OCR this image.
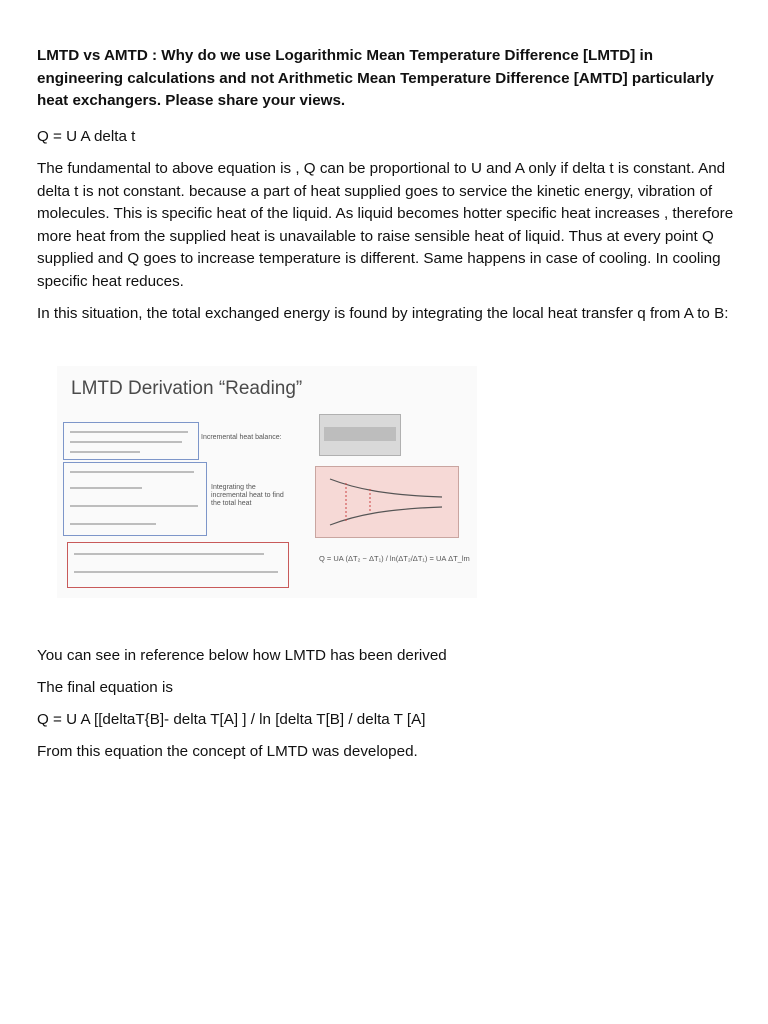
LMTD vs AMTD : Why do we use Logarithmic Mean Temperature Difference [LMTD] in engineering calculations and not Arithmetic Mean Temperature Difference [AMTD] particularly heat exchangers. Please share your views.

Q = U A delta t

The fundamental to above equation is , Q can be proportional to U and A only if delta t is constant. And delta t is not constant. because a part of heat supplied goes to service the kinetic energy, vibration of molecules. This is specific heat of the liquid. As liquid becomes hotter specific heat increases , therefore more heat from the supplied heat is unavailable to raise sensible heat of liquid. Thus at every point Q supplied and Q goes to increase temperature is different. Same happens in case of cooling. In cooling specific heat reduces.

In this situation, the total exchanged energy is found by integrating the local heat transfer q from A to B:

LMTD Derivation “Reading”

Incremental heat balance:
Integrating the incremental heat to find the total heat
Q = UA (ΔT₂ − ΔT₁) / ln(ΔT₂/ΔT₁) = UA ΔT_lm

You can see in reference below how LMTD has been derived

The final equation is

Q = U A [[deltaT{B]- delta T[A] ] / ln [delta T[B] / delta T [A]

From this equation the concept of LMTD was developed.
